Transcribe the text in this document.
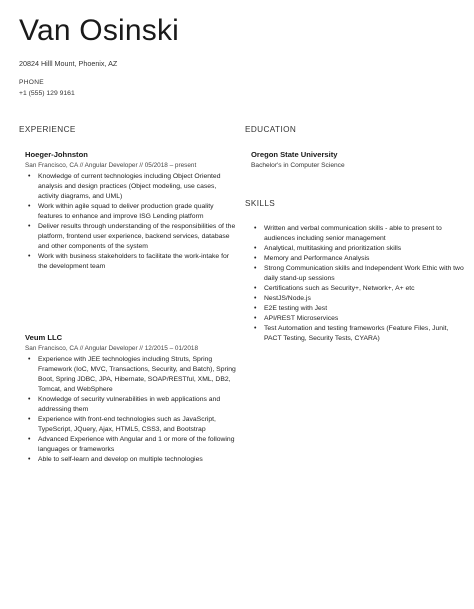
Van Osinski
20824 Hilll Mount, Phoenix, AZ
PHONE
+1 (555) 129 9161
EXPERIENCE
Hoeger-Johnston
San Francisco, CA // Angular Developer // 05/2018 – present
• Knowledge of current technologies including Object Oriented analysis and design practices (Object modeling, use cases, activity diagrams, and UML)
• Work within agile squad to deliver production grade quality features to enhance and improve ISG Lending platform
• Deliver results through understanding of the responsibilities of the platform, frontend user experience, backend services, database and other components of the system
• Work with business stakeholders to facilitate the work-intake for the development team
Veum LLC
San Francisco, CA // Angular Developer // 12/2015 – 01/2018
• Experience with JEE technologies including Struts, Spring Framework (IoC, MVC, Transactions, Security, and Batch), Spring Boot, Spring JDBC, JPA, Hibernate, SOAP/RESTful, XML, DB2, Tomcat, and WebSphere
• Knowledge of security vulnerabilities in web applications and addressing them
• Experience with front-end technologies such as JavaScript, TypeScript, JQuery, Ajax, HTML5, CSS3, and Bootstrap
• Advanced Experience with Angular and 1 or more of the following languages or frameworks
• Able to self-learn and develop on multiple technologies
EDUCATION
Oregon State University
Bachelor's in Computer Science
SKILLS
• Written and verbal communication skills - able to present to audiences including senior management
• Analytical, multitasking and prioritization skills
• Memory and Performance Analysis
• Strong Communication skills and Independent Work Ethic with two daily stand-up sessions
• Certifications such as Security+, Network+, A+ etc
• NestJS/Node.js
• E2E testing with Jest
• API/REST Microservices
• Test Automation and testing frameworks (Feature Files, Junit, PACT Testing, Security Tests, CYARA)
